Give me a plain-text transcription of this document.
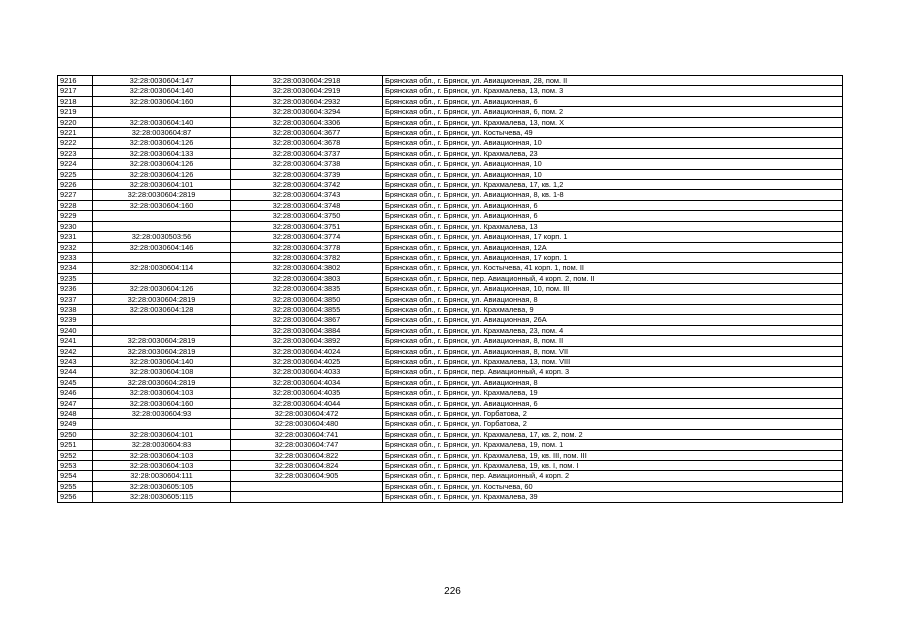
9216	32:28:0030604:147	32:28:0030604:2918	Брянская обл., г. Брянск, ул. Авиационная, 28, пом. II
9217	32:28:0030604:140	32:28:0030604:2919	Брянская обл., г. Брянск, ул. Крахмалева, 13, пом. 3
9218	32:28:0030604:160	32:28:0030604:2932	Брянская обл., г. Брянск, ул. Авиационная, 6
9219		32:28:0030604:3294	Брянская обл., г. Брянск, ул. Авиационная, 6, пом. 2
9220	32:28:0030604:140	32:28:0030604:3306	Брянская обл., г. Брянск, ул. Крахмалева, 13, пом. X
9221	32:28:0030604:87	32:28:0030604:3677	Брянская обл., г. Брянск, ул. Костычева, 49
9222	32:28:0030604:126	32:28:0030604:3678	Брянская обл., г. Брянск, ул. Авиационная, 10
9223	32:28:0030604:133	32:28:0030604:3737	Брянская обл., г. Брянск, ул. Крахмалева, 23
9224	32:28:0030604:126	32:28:0030604:3738	Брянская обл., г. Брянск, ул. Авиационная, 10
9225	32:28:0030604:126	32:28:0030604:3739	Брянская обл., г. Брянск, ул. Авиационная, 10
9226	32:28:0030604:101	32:28:0030604:3742	Брянская обл., г. Брянск, ул. Крахмалева, 17, кв. 1,2
9227	32:28:0030604:2819	32:28:0030604:3743	Брянская обл., г. Брянск, ул. Авиационная, 8, кв. 1-8
9228	32:28:0030604:160	32:28:0030604:3748	Брянская обл., г. Брянск, ул. Авиационная, 6
9229		32:28:0030604:3750	Брянская обл., г. Брянск, ул. Авиационная, 6
9230		32:28:0030604:3751	Брянская обл., г. Брянск, ул. Крахмалева, 13
9231	32:28:0030503:56	32:28:0030604:3774	Брянская обл., г. Брянск, ул. Авиационная, 17 корп. 1
9232	32:28:0030604:146	32:28:0030604:3778	Брянская обл., г. Брянск, ул. Авиационная, 12А
9233		32:28:0030604:3782	Брянская обл., г. Брянск, ул. Авиационная, 17 корп. 1
9234	32:28:0030604:114	32:28:0030604:3802	Брянская обл., г. Брянск, ул. Костычева, 41 корп. 1, пом. II
9235		32:28:0030604:3803	Брянская обл., г. Брянск, пер. Авиационный, 4 корп. 2, пом. II
9236	32:28:0030604:126	32:28:0030604:3835	Брянская обл., г. Брянск, ул. Авиационная, 10, пом. III
9237	32:28:0030604:2819	32:28:0030604:3850	Брянская обл., г. Брянск, ул. Авиационная, 8
9238	32:28:0030604:128	32:28:0030604:3855	Брянская обл., г. Брянск, ул. Крахмалева, 9
9239		32:28:0030604:3867	Брянская обл., г. Брянск, ул. Авиационная, 26А
9240		32:28:0030604:3884	Брянская обл., г. Брянск, ул. Крахмалева, 23, пом. 4
9241	32:28:0030604:2819	32:28:0030604:3892	Брянская обл., г. Брянск, ул. Авиационная, 8, пом. II
9242	32:28:0030604:2819	32:28:0030604:4024	Брянская обл., г. Брянск, ул. Авиационная, 8, пом. VII
9243	32:28:0030604:140	32:28:0030604:4025	Брянская обл., г. Брянск, ул. Крахмалева, 13, пом. VIII
9244	32:28:0030604:108	32:28:0030604:4033	Брянская обл., г. Брянск, пер. Авиационный, 4 корп. 3
9245	32:28:0030604:2819	32:28:0030604:4034	Брянская обл., г. Брянск, ул. Авиационная, 8
9246	32:28:0030604:103	32:28:0030604:4035	Брянская обл., г. Брянск, ул. Крахмалева, 19
9247	32:28:0030604:160	32:28:0030604:4044	Брянская обл., г. Брянск, ул. Авиационная, 6
9248	32:28:0030604:93	32:28:0030604:472	Брянская обл., г. Брянск, ул. Горбатова, 2
9249		32:28:0030604:480	Брянская обл., г. Брянск, ул. Горбатова, 2
9250	32:28:0030604:101	32:28:0030604:741	Брянская обл., г. Брянск, ул. Крахмалева, 17, кв. 2, пом. 2
9251	32:28:0030604:83	32:28:0030604:747	Брянская обл., г. Брянск, ул. Крахмалева, 19, пом. 1
9252	32:28:0030604:103	32:28:0030604:822	Брянская обл., г. Брянск, ул. Крахмалева, 19, кв. III, пом. III
9253	32:28:0030604:103	32:28:0030604:824	Брянская обл., г. Брянск, ул. Крахмалева, 19, кв. I, пом. I
9254	32:28:0030604:111	32:28:0030604:905	Брянская обл., г. Брянск, пер. Авиационный, 4 корп. 2
9255	32:28:0030605:105		Брянская обл., г. Брянск, ул. Костычева, 60
9256	32:28:0030605:115		Брянская обл., г. Брянск, ул. Крахмалева, 39
226
